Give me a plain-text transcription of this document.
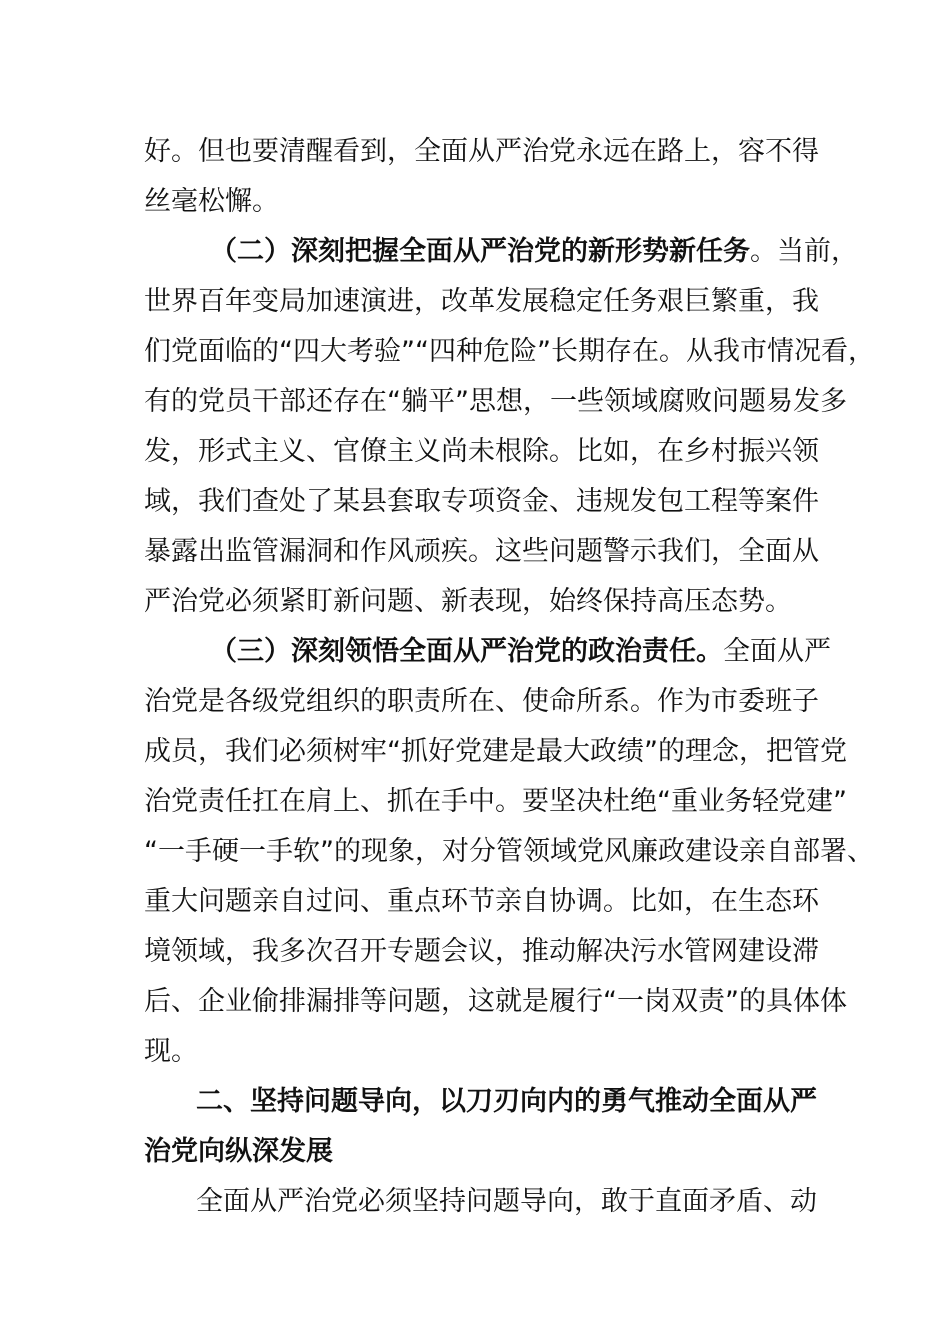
好。但也要清醒看到，全面从严治党永远在路上，容不得
丝毫松懈。
（二）深刻把握全面从严治党的新形势新任务。当前，
世界百年变局加速演进，改革发展稳定任务艰巨繁重，我
们党面临的“四大考验”“四种危险”长期存在。从我市情况看，
有的党员干部还存在“躺平”思想，一些领域腐败问题易发多
发，形式主义、官僚主义尚未根除。比如，在乡村振兴领
域，我们查处了某县套取专项资金、违规发包工程等案件
暴露出监管漏洞和作风顽疾。这些问题警示我们，全面从
严治党必须紧盯新问题、新表现，始终保持高压态势。
（三）深刻领悟全面从严治党的政治责任。全面从严
治党是各级党组织的职责所在、使命所系。作为市委班子
成员，我们必须树牢“抓好党建是最大政绩”的理念，把管党
治党责任扛在肩上、抓在手中。要坚决杜绝“重业务轻党建”
“一手硬一手软”的现象，对分管领域党风廉政建设亲自部署、
重大问题亲自过问、重点环节亲自协调。比如，在生态环
境领域，我多次召开专题会议，推动解决污水管网建设滞
后、企业偷排漏排等问题，这就是履行“一岗双责”的具体体
现。
二、坚持问题导向，以刀刃向内的勇气推动全面从严
治党向纵深发展
全面从严治党必须坚持问题导向，敢于直面矛盾、动
